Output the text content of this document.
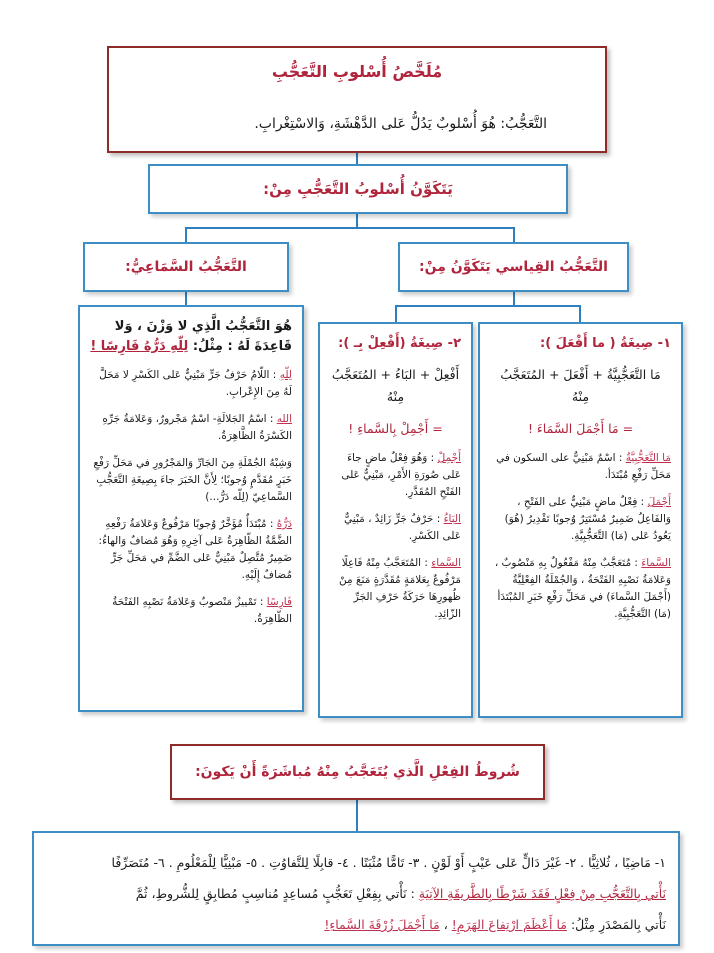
مُلَخَّصُ أُسْلوبِ التَّعَجُّبِ
التَّعَجُّبُ: هُوَ أُسْلوبٌ يَدُلُّ عَلى الدَّهْشَةِ، وَالاسْتِغْرابِ.
يَتَكَوَّنُ أُسْلوبُ التَّعَجُّبِ مِنْ:
التَّعَجُّبُ القِياسي يَتَكَوَّنُ مِنْ:
التَّعَجُّبُ السَّمَاعِيُّ:

١- صِيغَةُ ( ما أَفْعَلَ ):

مَا التَّعَجُّبِيَّةُ + أَفْعَلَ + المُتَعَجَّبُ مِنْهُ

= مَا أَجْمَلَ السَّمَاءَ !

مَا التَّعَجُّبِيَّةُ : اسْمٌ مَبْنِيٌّ على السكون في مَحَلِّ رَفْعِ مُبْتَدَأ.

أَجْمَلَ : فِعْلٌ ماضٍ مَبْنِيٌّ على الفَتْحِ ، وَالفَاعِلُ ضَمِيرٌ مُسْتَتِرٌ وُجوبًا تَقْدِيرُ (هُوَ) يَعُودُ عَلى (مَا) التَّعَجُّبِيَّةِ.

السَّماءَ : مُتَعَجَّبٌ مِنْهُ مَفْعُولٌ بِهِ مَنْصُوبٌ ، وَعَلامَةُ نَصْبِهِ الفَتْحَةُ ، وَالجُمْلَةُ الفِعْلِيَّةُ (أَجْمَلَ السَّماءَ) في مَحَلِّ رَفْعِ خَبَرِ المُبْتَدَأ (مَا) التَّعَجُّبِيَّةِ.

٢- صِيغَةُ (أَفْعِلْ بِـ ):

أَفْعِلْ + البَاءُ + المُتَعَجَّبُ مِنْهُ

= أَجْمِلْ بِالسَّماءِ !

أَجْمِلْ : وَهُوَ فِعْلٌ ماضٍ جاءَ عَلى صُورَةِ الأَمْرِ، مَبْنِيٌّ عَلى الفَتْحِ المُقَدَّرِ.

البَاءُ : حَرْفُ جَرٍّ زَائِدٌ ، مَبْنِيٌّ عَلى الكَسْرِ.

السَّماءِ : المُتَعَجَّبُ مِنْهُ فَاعِلًا مَرْفُوعٌ بِعَلامَةٍ مُقَدَّرَةٍ مَنَعَ مِنْ ظُهورِهَا حَرَكَةُ حَرْفِ الجَرِّ الزّائِدِ.

هُوَ التَّعَجُّبُ الَّذِي لا وَزْنَ ، وَلا قَاعِدَةَ لَهُ : مِثْلُ: لِلّهِ دَرُّهُ فَارِسًا !

لِلّهِ : اللّامُ حَرْفُ جَرٍّ مَبْنِيٌّ عَلى الكَسْرِ لا مَحَلَّ لَهُ مِنَ الإِعْرابِ.

الله : اسْمُ الجَلالَةِ- اسْمٌ مَجْرورٌ، وَعَلامَةُ جَرِّهِ الكَسْرَةُ الظَّاهِرَةُ.

وَشِبْهُ الجُمْلَةِ مِنَ الجَارِّ وَالمَجْرُورِ في مَحَلِّ رَفْعِ خَبَرٍ مُقَدَّمٍ وُجوبًا؛ لِأَنَّ الخَبَرَ جاءَ بِصِيغَةِ التَّعَجُّبِ السَّماعِيّ (لِلّه دَرُّ...)

دَرُّهُ : مُبْتَدَأٌ مُؤَخَّرٌ وُجوبًا مَرْفُوعٌ وَعَلامَةُ رَفْعِهِ الضَّمَّةُ الظّاهِرَةُ عَلى آخِرِهِ وَهُوَ مُضافٌ وَالهاءُ: ضَمِيرٌ مُتَّصِلٌ مَبْنِيٌّ عَلى الضَّمِّ في مَحَلِّ جَرٍّ مُضافٌ إِلَيْهِ.

فَارِسًا : تَمْييزٌ مَنْصوبٌ وَعَلامَةُ نَصْبِهِ الفَتْحَةُ الظّاهِرَةُ.

شُروطُ الفِعْلِ الَّذي يُتَعَجَّبُ مِنْهُ مُباشَرَةً أَنْ يَكونَ:
١- مَاضِيًا ، ثُلاثِيًّا . ٢- غَيْرَ دَالٍّ عَلى عَيْبٍ أَوْ لَوْنٍ . ٣- تَامًّا مُثْبَتًا . ٤- قابِلًا لِلتَّفاوُتِ . ٥- مَبْنِيًّا لِلْمَعْلُومِ . ٦- مُتَصَرِّفًا
نَأْتي بِالتَّعَجُّبِ مِنْ فِعْلٍ فَقَدَ شَرْطًا بِالطَّريقَةِ الآتِيَةِ : نَأْتي بِفِعْلِ تَعَجُّبٍ مُساعِدٍ مُناسِبٍ مُطابِقٍ لِلشُّروطِ، ثُمَّ
نَأْتي بِالمَصْدَرِ مِثْلُ: مَا أَعْظَمَ ارْتِفاعَ الهَرَمِ! ، مَا أَجْمَلَ زُرْقَةَ السَّماءِ!
